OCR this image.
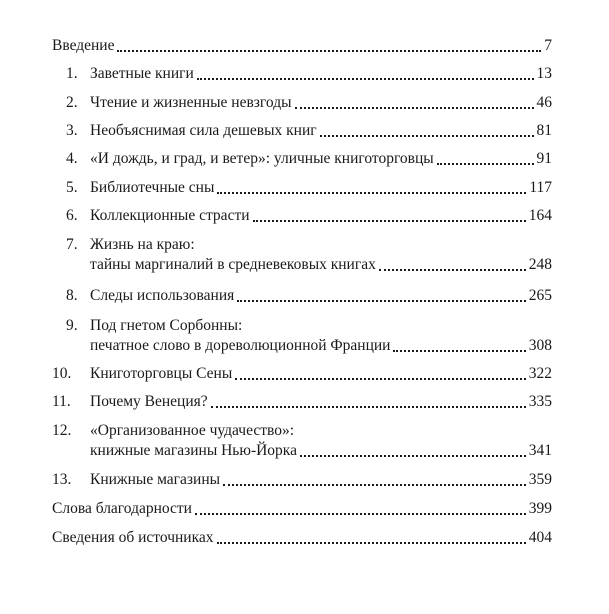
Введение	7
1. Заветные книги	13
2. Чтение и жизненные невзгоды	46
3. Необъяснимая сила дешевых книг	81
4. «И дождь, и град, и ветер»: уличные книготорговцы	91
5. Библиотечные сны	117
6. Коллекционные страсти	164
7. Жизнь на краю:
тайны маргиналий в средневековых книгах	248
8. Следы использования	265
9. Под гнетом Сорбонны:
печатное слово в дореволюционной Франции	308
10.	Книготорговцы Сены	322
11.	Почему Венеция?	335
12.	«Организованное чудачество»:
книжные магазины Нью-Йорка	341
13.	Книжные магазины	359
Слова благодарности	399
Сведения об источниках	404
